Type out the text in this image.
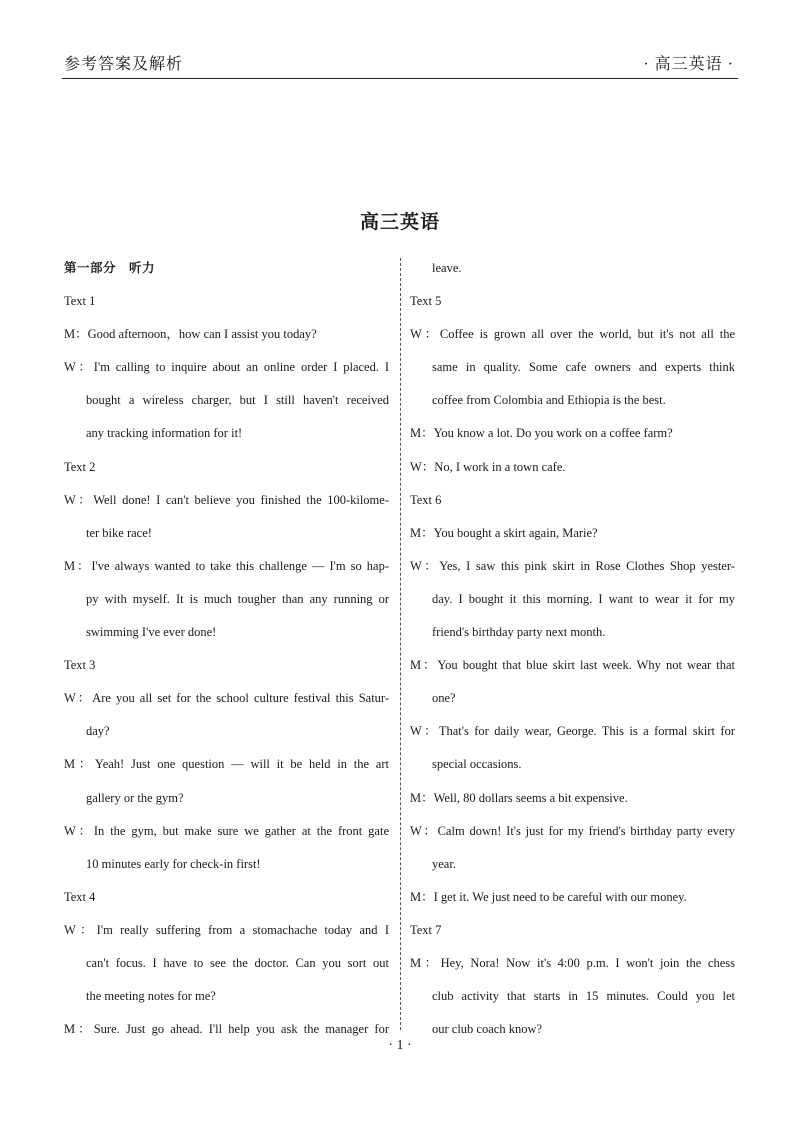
参考答案及解析	· 高三英语 ·
高三英语
第一部分　听力
Text 1
M：Good afternoon，how can I assist you today?
W：I'm calling to inquire about an online order I placed. I
bought a wireless charger, but I still haven't received
any tracking information for it!
Text 2
W：Well done! I can't believe you finished the 100-kilome-
ter bike race!
M：I've always wanted to take this challenge — I'm so hap-
py with myself. It is much tougher than any running or
swimming I've ever done!
Text 3
W：Are you all set for the school culture festival this Satur-
day?
M：Yeah! Just one question — will it be held in the art
gallery or the gym?
W：In the gym, but make sure we gather at the front gate
10 minutes early for check-in first!
Text 4
W：I'm really suffering from a stomachache today and I
can't focus. I have to see the doctor. Can you sort out
the meeting notes for me?
M：Sure. Just go ahead. I'll help you ask the manager for
leave.
Text 5
W：Coffee is grown all over the world, but it's not all the
same in quality. Some cafe owners and experts think
coffee from Colombia and Ethiopia is the best.
M：You know a lot. Do you work on a coffee farm?
W：No, I work in a town cafe.
Text 6
M：You bought a skirt again, Marie?
W：Yes, I saw this pink skirt in Rose Clothes Shop yester-
day. I bought it this morning. I want to wear it for my
friend's birthday party next month.
M：You bought that blue skirt last week. Why not wear that
one?
W：That's for daily wear, George. This is a formal skirt for
special occasions.
M：Well, 80 dollars seems a bit expensive.
W：Calm down! It's just for my friend's birthday party every
year.
M：I get it. We just need to be careful with our money.
Text 7
M：Hey, Nora! Now it's 4:00 p.m. I won't join the chess
club activity that starts in 15 minutes. Could you let
our club coach know?
· 1 ·
